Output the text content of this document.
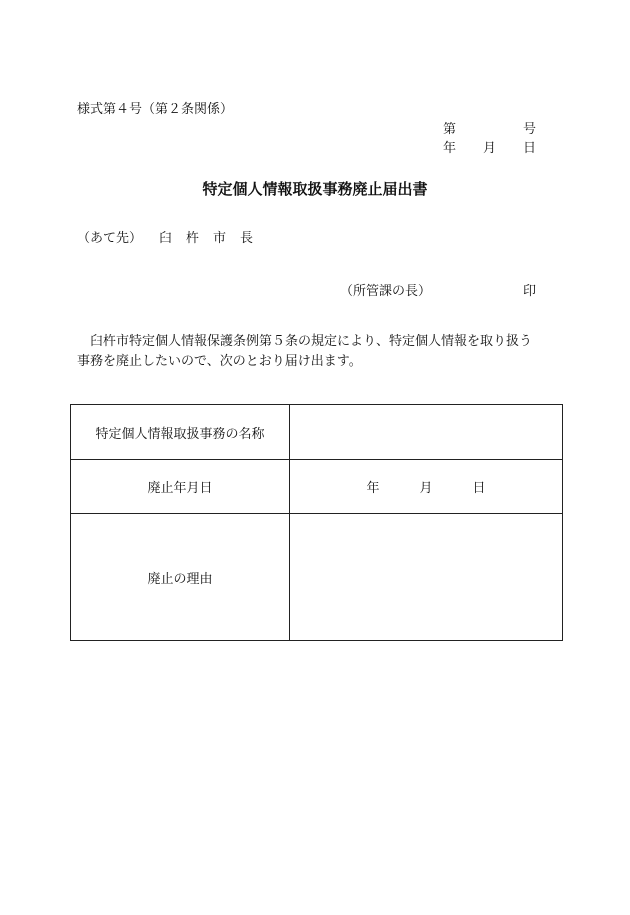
様式第４号（第２条関係）
第	号
年 月 日
特定個人情報取扱事務廃止届出書
（あて先） 臼 杵 市 長
（所管課の長）	印
臼杵市特定個人情報保護条例第５条の規定により、特定個人情報を取り扱う
事務を廃止したいので、次のとおり届け出ます。
特定個人情報取扱事務の名称	
廃止年月日	年 月 日
廃止の理由	
